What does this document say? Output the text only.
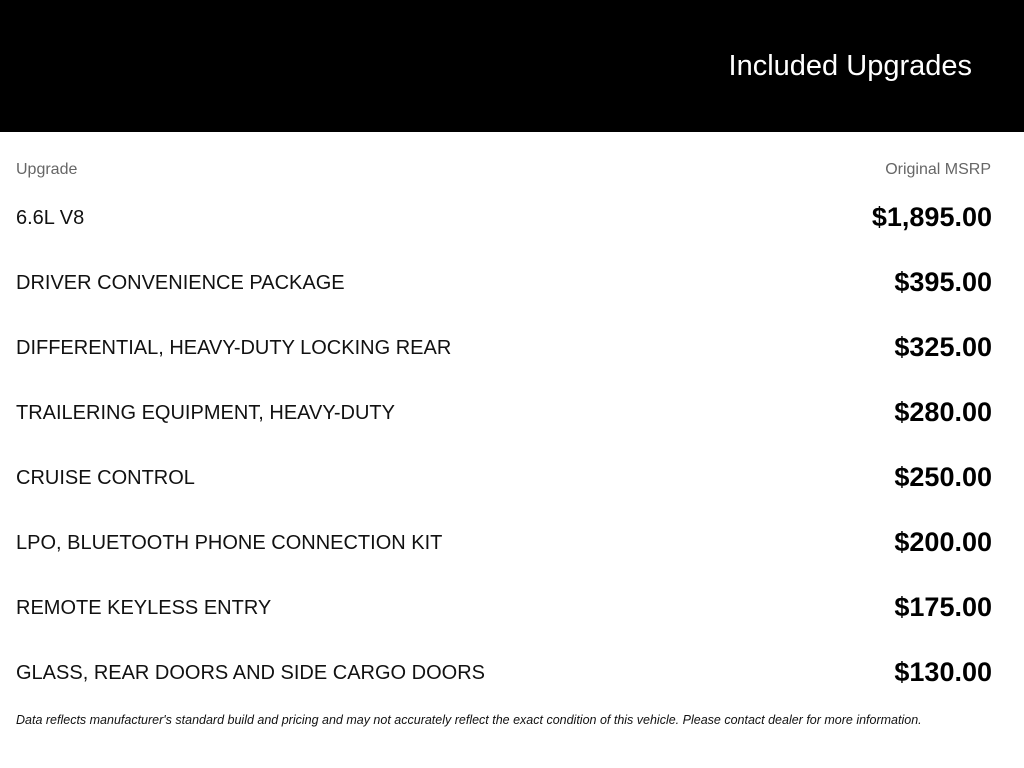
Included Upgrades
Upgrade	Original MSRP
6.6L V8	$1,895.00
DRIVER CONVENIENCE PACKAGE	$395.00
DIFFERENTIAL, HEAVY-DUTY LOCKING REAR	$325.00
TRAILERING EQUIPMENT, HEAVY-DUTY	$280.00
CRUISE CONTROL	$250.00
LPO, BLUETOOTH PHONE CONNECTION KIT	$200.00
REMOTE KEYLESS ENTRY	$175.00
GLASS, REAR DOORS AND SIDE CARGO DOORS	$130.00
Data reflects manufacturer's standard build and pricing and may not accurately reflect the exact condition of this vehicle. Please contact dealer for more information.
